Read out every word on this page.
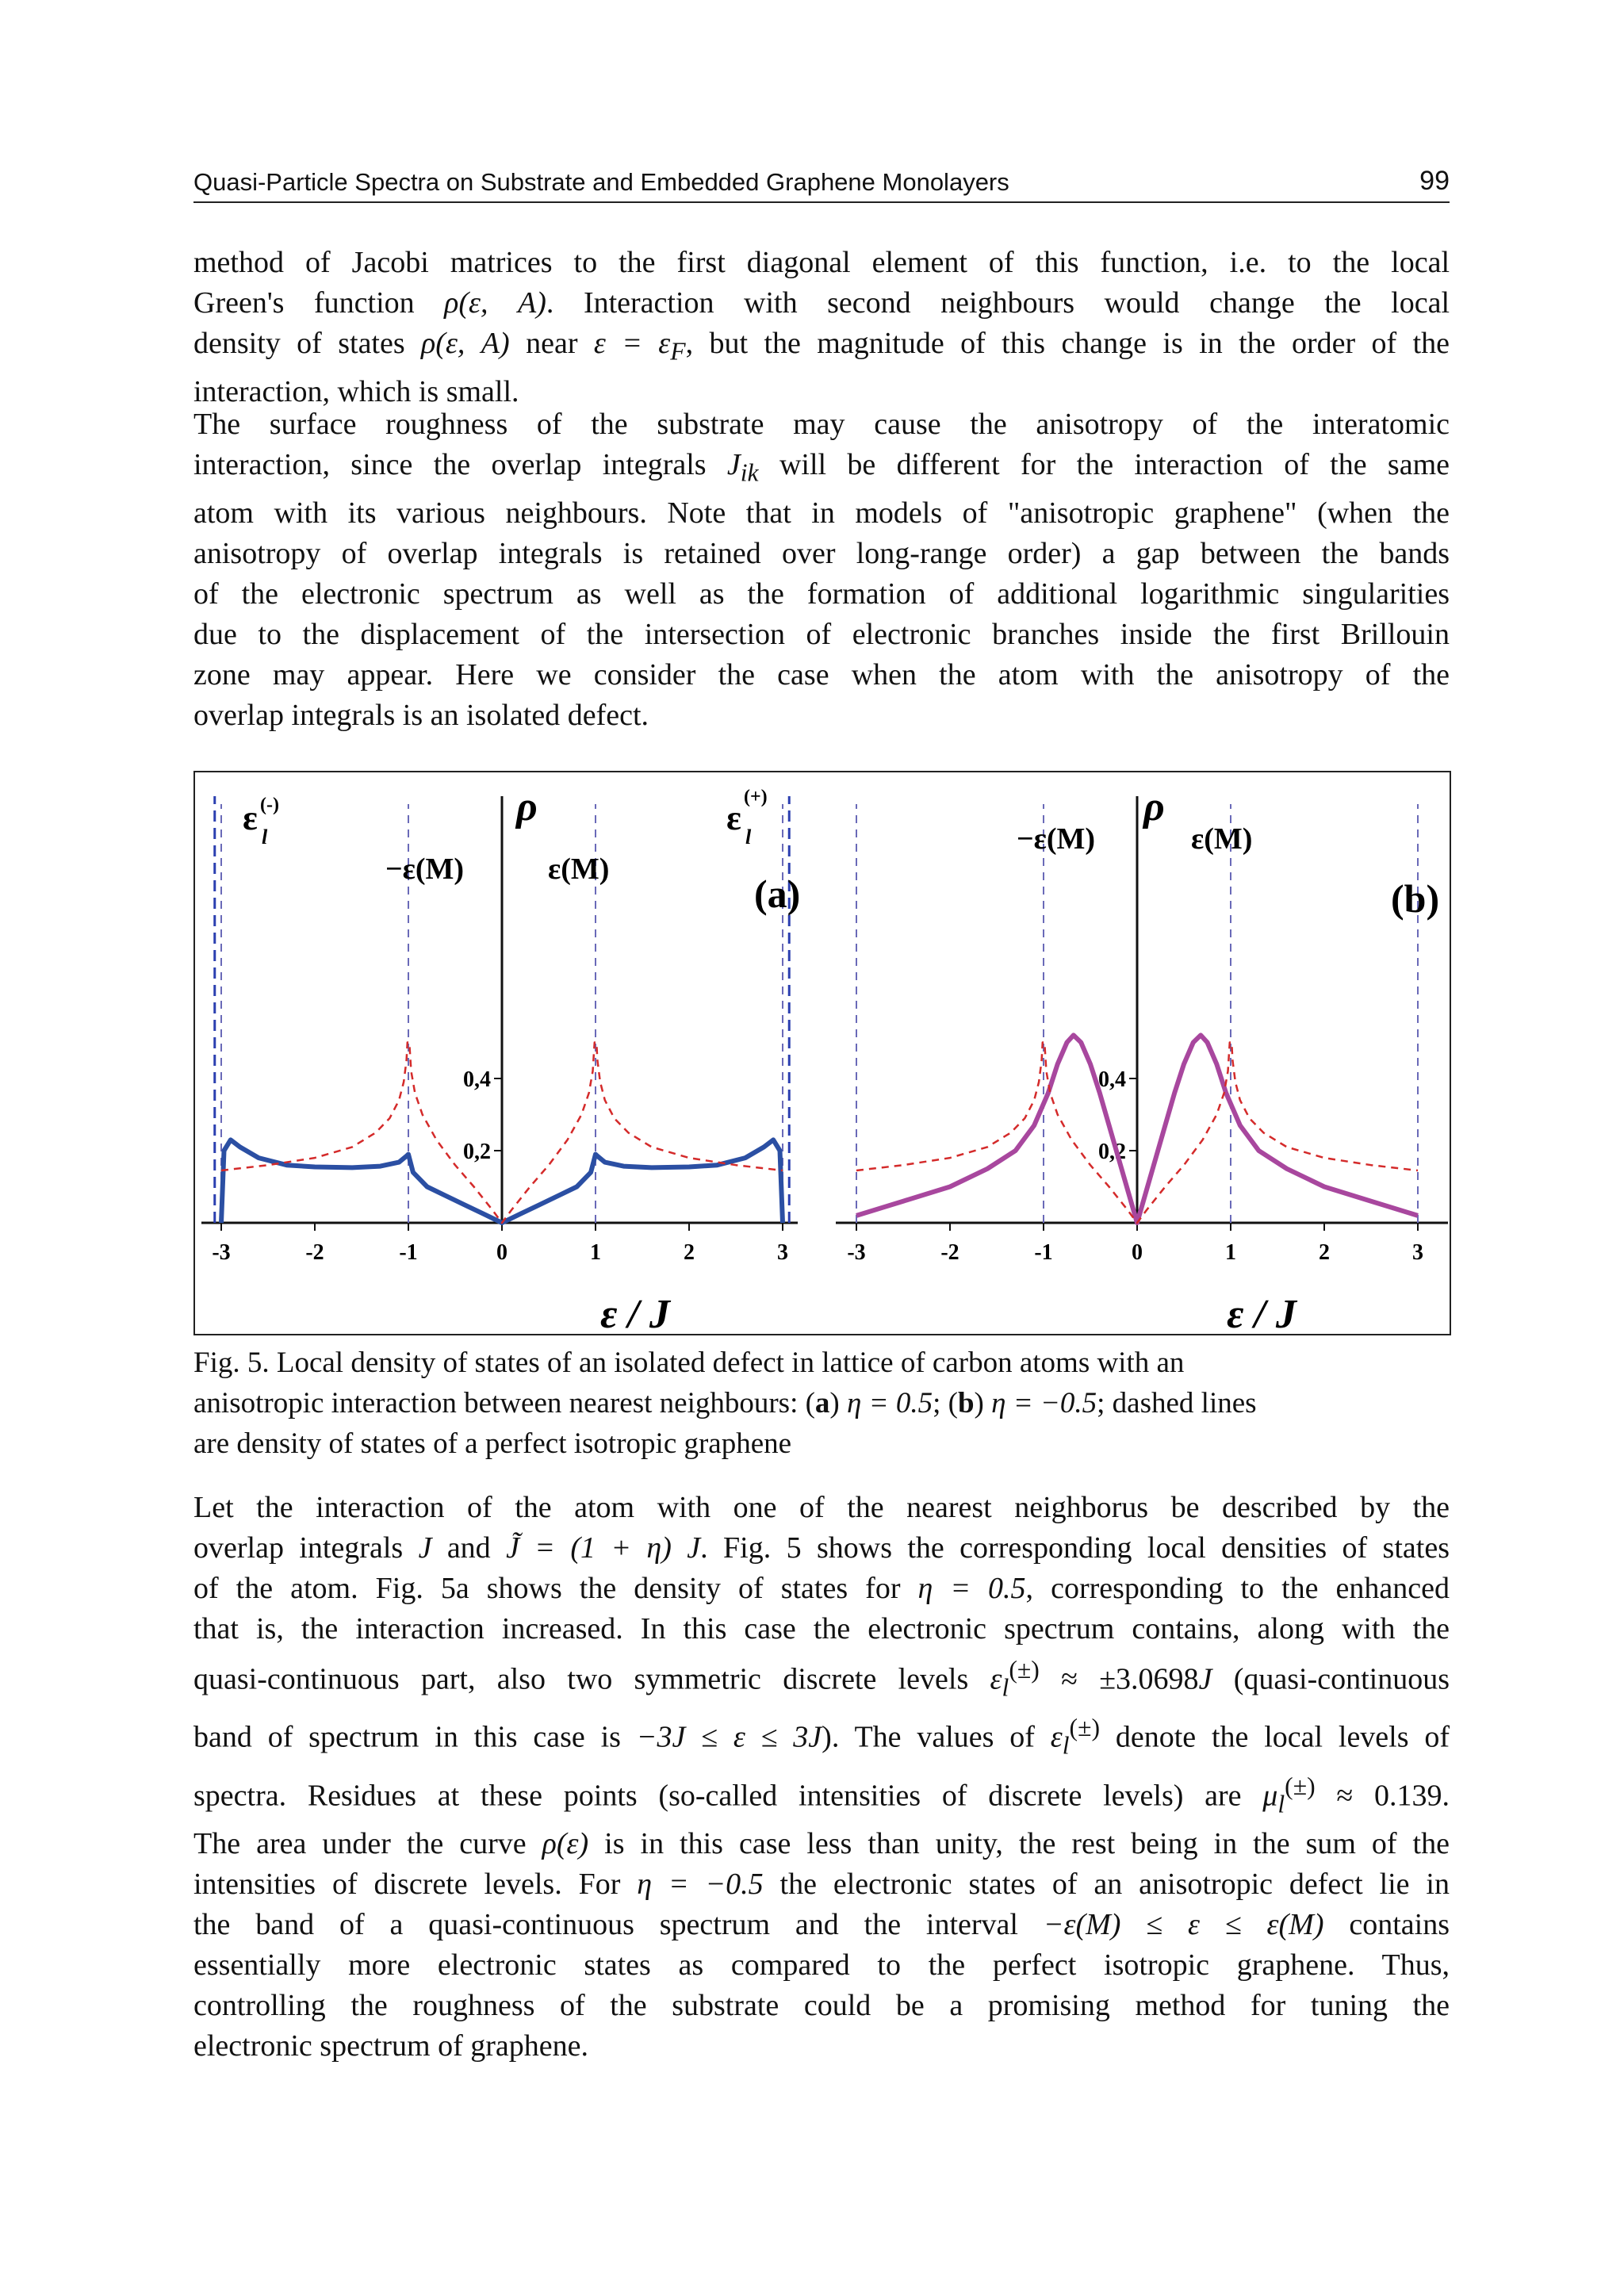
Quasi-Particle Spectra on Substrate and Embedded Graphene Monolayers	99

method of Jacobi matrices to the first diagonal element of this function, i.e. to the local

Green's function ρ(ε, A). Interaction with second neighbours would change the local

density of states ρ(ε, A) near $\varepsilon = \varepsilon_F$, but the magnitude of this change is in the order of the

interaction, which is small.

The surface roughness of the substrate may cause the anisotropy of the interatomic

interaction, since the overlap integrals $J_{ik}$ will be different for the interaction of the same

atom with its various neighbours. Note that in models of "anisotropic graphene" (when the

anisotropy of overlap integrals is retained over long-range order) a gap between the bands

of the electronic spectrum as well as the formation of additional logarithmic singularities

due to the displacement of the intersection of electronic branches inside the first Brillouin

zone may appear. Here we consider the case when the atom with the anisotropy of the

overlap integrals is an isolated defect.

-3	-2	-1	0	1	2	3
0,2
0,4
-3	-2	-1	0	1	2	3
0,2
0,4
ρ
ε (-)
l	ε
(+)
l
−ε(M)	ε(M)
(a)
ε / J
ρ
−ε(M)	ε(M)
(b)
ε / J

Fig. 5. Local density of states of an isolated defect in lattice of carbon atoms with an

anisotropic interaction between nearest neighbours: (a) η = 0.5; (b) η = −0.5; dashed lines

are density of states of a perfect isotropic graphene

Let the interaction of the atom with one of the nearest neighborus be described by the

overlap integrals J and J̃ = (1 + η) J. Fig. 5 shows the corresponding local densities of states

of the atom. Fig. 5a shows the density of states for η = 0.5, corresponding to the enhanced

that is, the interaction increased. In this case the electronic spectrum contains, along with the

quasi-continuous part, also two symmetric discrete levels $\varepsilon_l^{(\pm)} \approx \pm 3.0698J$ (quasi-continuous

band of spectrum in this case is −3J ≤ ε ≤ 3J). The values of $\varepsilon_l^{(\pm)}$ denote the local levels of

spectra. Residues at these points (so-called intensities of discrete levels) are $\mu_l^{(\pm)} \approx 0.139$.

The area under the curve ρ(ε) is in this case less than unity, the rest being in the sum of the

intensities of discrete levels. For η = −0.5 the electronic states of an anisotropic defect lie in

the band of a quasi-continuous spectrum and the interval −ε(M) ≤ ε ≤ ε(M) contains

essentially more electronic states as compared to the perfect isotropic graphene. Thus,

controlling the roughness of the substrate could be a promising method for tuning the

electronic spectrum of graphene.
